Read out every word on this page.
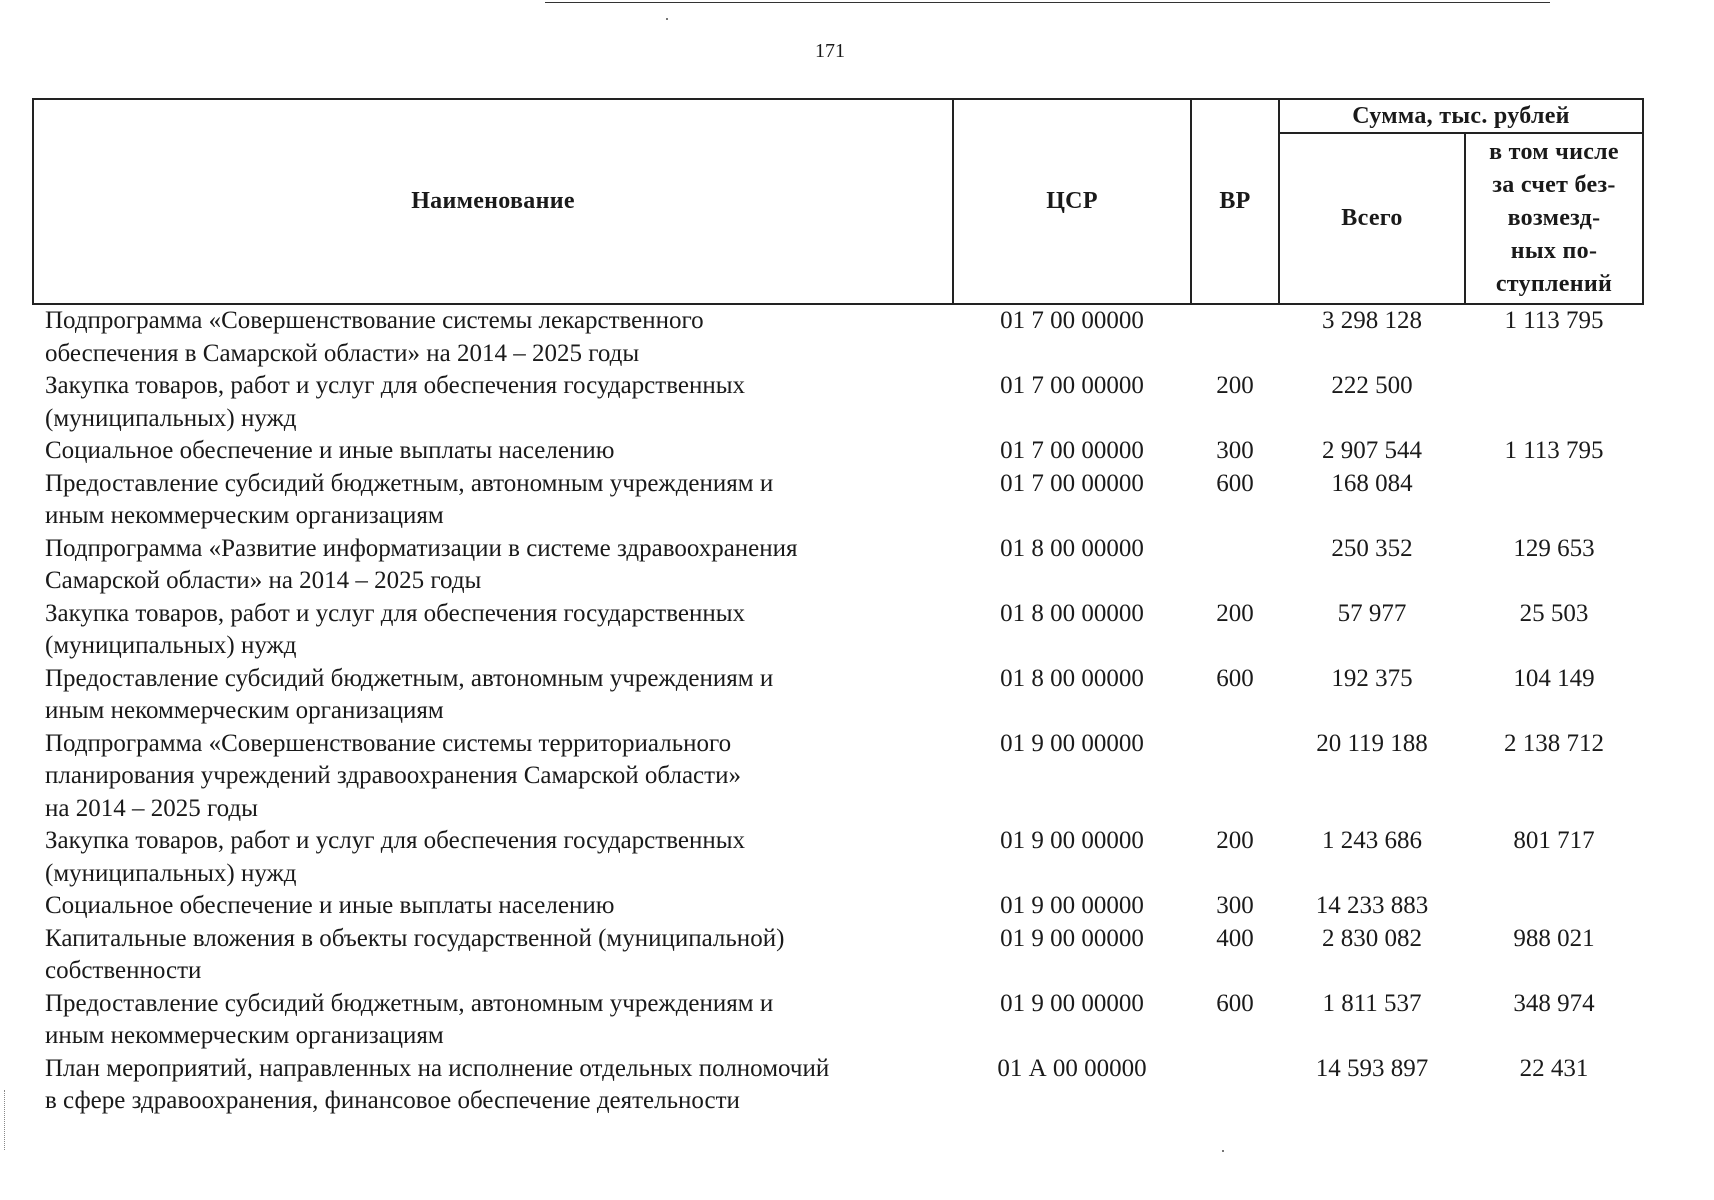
171
Наименование	ЦСР	ВР	Сумма, тыс. рублей	
			Всего	в том числе
за счет без-
возмезд-
ных по-
ступлений
Подпрограмма «Совершенствование системы лекарственного
обеспечения в Самарской области» на 2014 – 2025 годы	01 7 00 00000		3 298 128	1 113 795
Закупка товаров, работ и услуг для обеспечения государственных
(муниципальных) нужд	01 7 00 00000	200	222 500	
Социальное обеспечение и иные выплаты населению	01 7 00 00000	300	2 907 544	1 113 795
Предоставление субсидий бюджетным, автономным учреждениям и
иным некоммерческим организациям	01 7 00 00000	600	168 084	
Подпрограмма «Развитие информатизации в системе здравоохранения
Самарской области» на 2014 – 2025 годы	01 8 00 00000		250 352	129 653
Закупка товаров, работ и услуг для обеспечения государственных
(муниципальных) нужд	01 8 00 00000	200	57 977	25 503
Предоставление субсидий бюджетным, автономным учреждениям и
иным некоммерческим организациям	01 8 00 00000	600	192 375	104 149
Подпрограмма «Совершенствование системы территориального
планирования учреждений здравоохранения Самарской области»
на 2014 – 2025 годы	01 9 00 00000		20 119 188	2 138 712
Закупка товаров, работ и услуг для обеспечения государственных
(муниципальных) нужд	01 9 00 00000	200	1 243 686	801 717
Социальное обеспечение и иные выплаты населению	01 9 00 00000	300	14 233 883	
Капитальные вложения в объекты государственной (муниципальной)
собственности	01 9 00 00000	400	2 830 082	988 021
Предоставление субсидий бюджетным, автономным учреждениям и
иным некоммерческим организациям	01 9 00 00000	600	1 811 537	348 974
План мероприятий, направленных на исполнение отдельных полномочий
в сфере здравоохранения, финансовое обеспечение деятельности	01 А 00 00000		14 593 897	22 431
